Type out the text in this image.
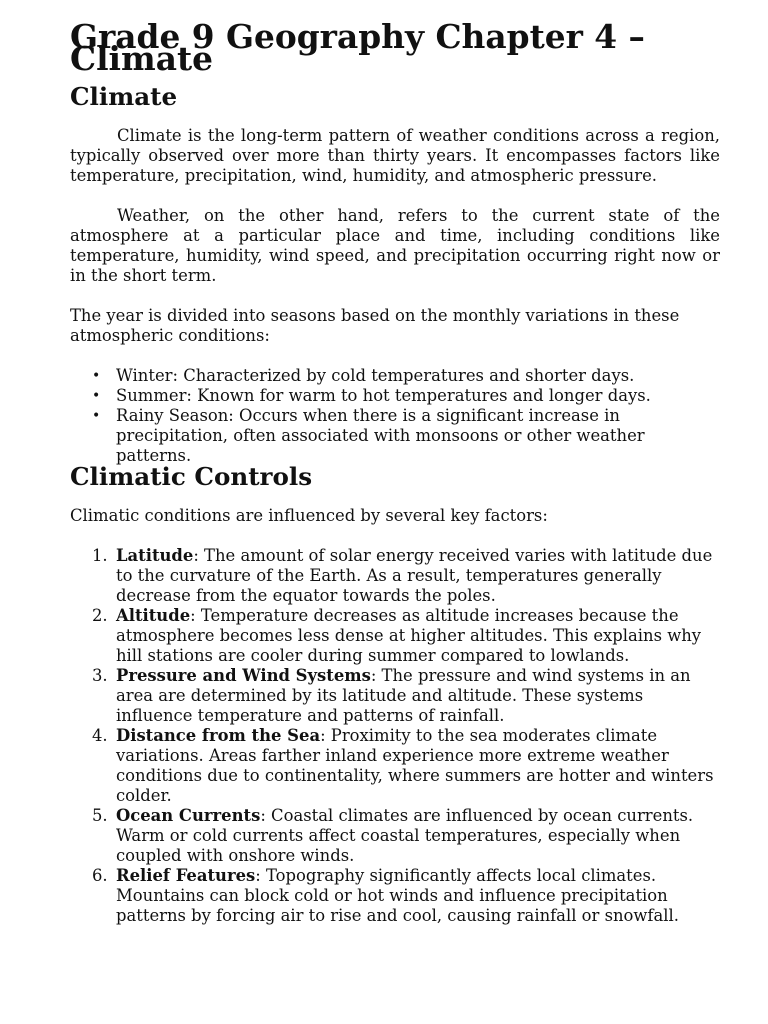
Grade 9 Geography Chapter 4 – Climate
Climate

Climate is the long-term pattern of weather conditions across a region, typically observed over more than thirty years. It encompasses factors like temperature, precipitation, wind, humidity, and atmospheric pressure.

Weather, on the other hand, refers to the current state of the atmosphere at a particular place and time, including conditions like temperature, humidity, wind speed, and precipitation occurring right now or in the short term.

The year is divided into seasons based on the monthly variations in these atmospheric conditions:

• Winter: Characterized by cold temperatures and shorter days.
• Summer: Known for warm to hot temperatures and longer days.
• Rainy Season: Occurs when there is a significant increase in precipitation, often associated with monsoons or other weather patterns.
Climatic Controls

Climatic conditions are influenced by several key factors:

1. Latitude: The amount of solar energy received varies with latitude due to the curvature of the Earth. As a result, temperatures generally decrease from the equator towards the poles.
2. Altitude: Temperature decreases as altitude increases because the atmosphere becomes less dense at higher altitudes. This explains why hill stations are cooler during summer compared to lowlands.
3. Pressure and Wind Systems: The pressure and wind systems in an area are determined by its latitude and altitude. These systems influence temperature and patterns of rainfall.
4. Distance from the Sea: Proximity to the sea moderates climate variations. Areas farther inland experience more extreme weather conditions due to continentality, where summers are hotter and winters colder.
5. Ocean Currents: Coastal climates are influenced by ocean currents. Warm or cold currents affect coastal temperatures, especially when coupled with onshore winds.
6. Relief Features: Topography significantly affects local climates. Mountains can block cold or hot winds and influence precipitation patterns by forcing air to rise and cool, causing rainfall or snowfall.
